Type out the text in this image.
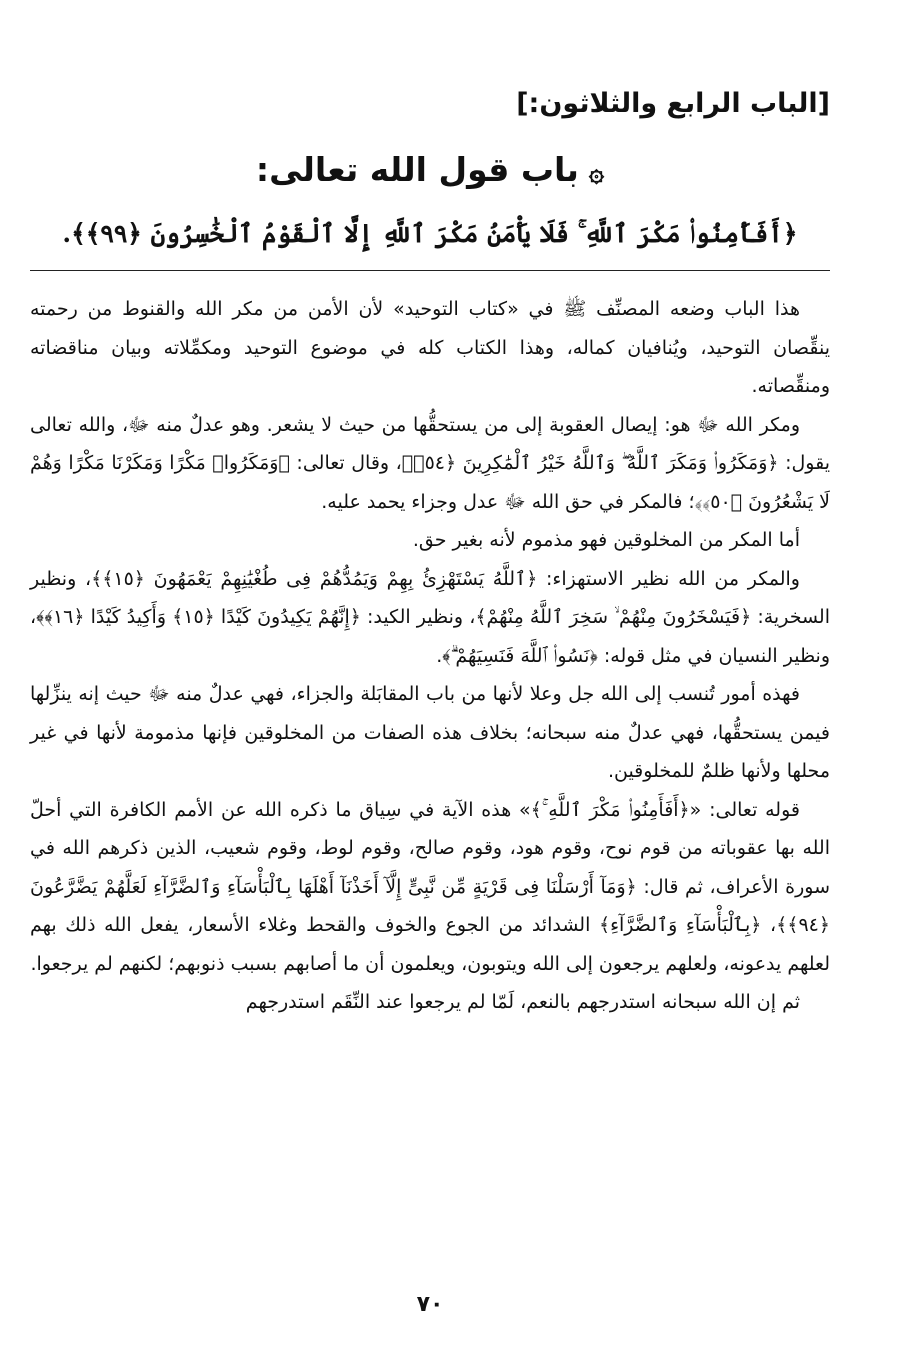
[الباب الرابع والثلاثون:]
۞باب قول الله تعالى:
﴿أَفَأَمِنُوا۟ مَكْرَ ٱللَّهِ ۚ فَلَا يَأْمَنُ مَكْرَ ٱللَّهِ إِلَّا ٱلْقَوْمُ ٱلْخَٰسِرُونَ ﴿٩٩﴾﴾.

هذا الباب وضعه المصنِّف ﷺ في «كتاب التوحيد» لأن الأمن من مكر الله والقنوط من رحمته ينقِّصان التوحيد، ويُنافيان كماله، وهذا الكتاب كله في موضوع التوحيد ومكمِّلاته وبيان مناقضاته ومنقِّصاته.

ومكر الله ﷻ هو: إيصال العقوبة إلى من يستحقُّها من حيث لا يشعر. وهو عدلٌ منه ﷻ، والله تعالى يقول: ﴿وَمَكَرُوا۟ وَمَكَرَ ٱللَّهُ ۖ وَٱللَّهُ خَيْرُ ٱلْمَٰكِرِينَ ﴿٥٤﴾﴾، وقال تعالى: ﴿وَمَكَرُوا۟ مَكْرًا وَمَكَرْنَا مَكْرًا وَهُمْ لَا يَشْعُرُونَ ﴿٥٠﴾﴾؛ فالمكر في حق الله ﷻ عدل وجزاء يحمد عليه.

أما المكر من المخلوقين فهو مذموم لأنه بغير حق.

والمكر من الله نظير الاستهزاء: ﴿ٱللَّهُ يَسْتَهْزِئُ بِهِمْ وَيَمُدُّهُمْ فِى طُغْيَٰنِهِمْ يَعْمَهُونَ ﴿١٥﴾﴾، ونظير السخرية: ﴿فَيَسْخَرُونَ مِنْهُمْ ۙ سَخِرَ ٱللَّهُ مِنْهُمْ﴾، ونظير الكيد: ﴿إِنَّهُمْ يَكِيدُونَ كَيْدًا ﴿١٥﴾ وَأَكِيدُ كَيْدًا ﴿١٦﴾﴾، ونظير النسيان في مثل قوله: ﴿نَسُوا۟ ٱللَّهَ فَنَسِيَهُمْ ۗ﴾.

فهذه أمور تُنسب إلى الله جل وعلا لأنها من باب المقابَلة والجزاء، فهي عدلٌ منه ﷻ حيث إنه ينزِّلها فيمن يستحقُّها، فهي عدلٌ منه سبحانه؛ بخلاف هذه الصفات من المخلوقين فإنها مذمومة لأنها في غير محلها ولأنها ظلمٌ للمخلوقين.

قوله تعالى: «﴿أَفَأَمِنُوا۟ مَكْرَ ٱللَّهِ ۚ﴾» هذه الآية في سِياق ما ذكره الله عن الأمم الكافرة التي أحلّ الله بها عقوباته من قوم نوح، وقوم هود، وقوم صالح، وقوم لوط، وقوم شعيب، الذين ذكرهم الله في سورة الأعراف، ثم قال: ﴿وَمَآ أَرْسَلْنَا فِى قَرْيَةٍ مِّن نَّبِىٍّ إِلَّآ أَخَذْنَآ أَهْلَهَا بِٱلْبَأْسَآءِ وَٱلضَّرَّآءِ لَعَلَّهُمْ يَضَّرَّعُونَ ﴿٩٤﴾﴾، ﴿بِٱلْبَأْسَآءِ وَٱلضَّرَّآءِ﴾ الشدائد من الجوع والخوف والقحط وغلاء الأسعار، يفعل الله ذلك بهم لعلهم يدعونه، ولعلهم يرجعون إلى الله ويتوبون، ويعلمون أن ما أصابهم بسبب ذنوبهم؛ لكنهم لم يرجعوا.

ثم إن الله سبحانه استدرجهم بالنعم، لَمّا لم يرجعوا عند النِّقَم استدرجهم

٧٠
